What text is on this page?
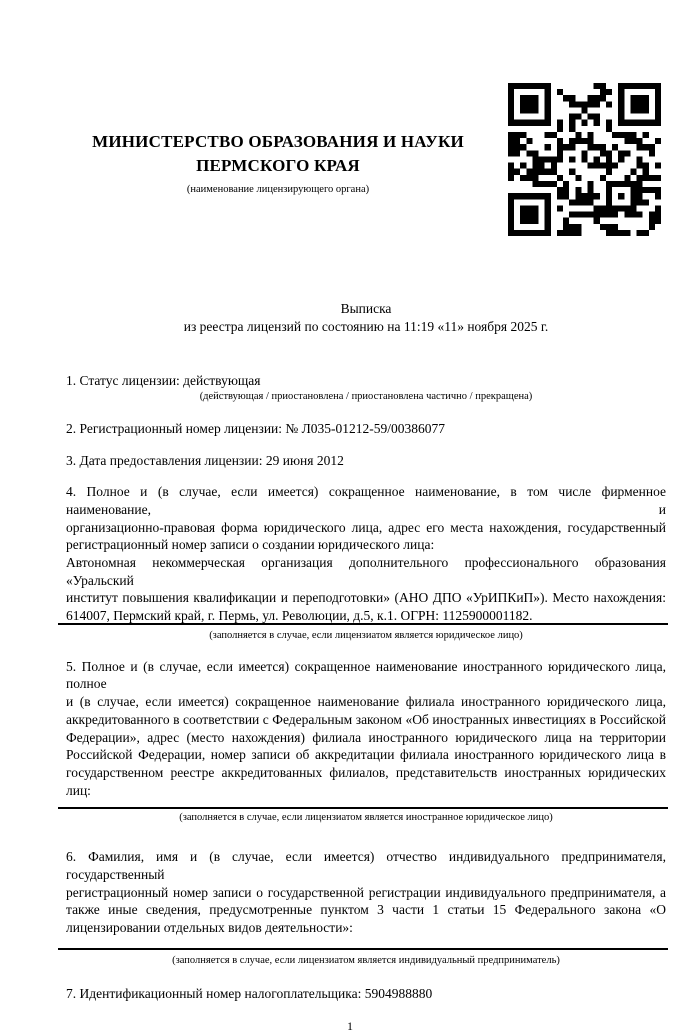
МИНИСТЕРСТВО ОБРАЗОВАНИЯ И НАУКИ
ПЕРМСКОГО КРАЯ
(наименование лицензирующего органа)
Выписка
из реестра лицензий по состоянию на 11:19 «11» ноября 2025 г.
1. Статус лицензии: действующая
(действующая / приостановлена / приостановлена частично / прекращена)
2. Регистрационный номер лицензии: № Л035-01212-59/00386077
3. Дата предоставления лицензии: 29 июня 2012
4. Полное и (в случае, если имеется) сокращенное наименование, в том числе фирменное наименование, и
организационно-правовая форма юридического лица, адрес его места нахождения, государственный
регистрационный номер записи о создании юридического лица:
Автономная некоммерческая организация дополнительного профессионального образования «Уральский
институт повышения квалификации и переподготовки» (АНО ДПО «УрИПКиП»). Место нахождения:
614007, Пермский край, г. Пермь, ул. Революции, д.5, к.1. ОГРН: 1125900001182.
(заполняется в случае, если лицензиатом является юридическое лицо)
5. Полное и (в случае, если имеется) сокращенное наименование иностранного юридического лица, полное
и (в случае, если имеется) сокращенное наименование филиала иностранного юридического лица,
аккредитованного в соответствии с Федеральным законом «Об иностранных инвестициях в Российской
Федерации», адрес (место нахождения) филиала иностранного юридического лица на территории
Российской Федерации, номер записи об аккредитации филиала иностранного юридического лица в
государственном реестре аккредитованных филиалов, представительств иностранных юридических лиц:
(заполняется в случае, если лицензиатом является иностранное юридическое лицо)
6. Фамилия, имя и (в случае, если имеется) отчество индивидуального предпринимателя, государственный
регистрационный номер записи о государственной регистрации индивидуального предпринимателя, а
также иные сведения, предусмотренные пунктом 3 части 1 статьи 15 Федерального закона «О
лицензировании отдельных видов деятельности»:
(заполняется в случае, если лицензиатом является индивидуальный предприниматель)
7. Идентификационный номер налогоплательщика: 5904988880
1
